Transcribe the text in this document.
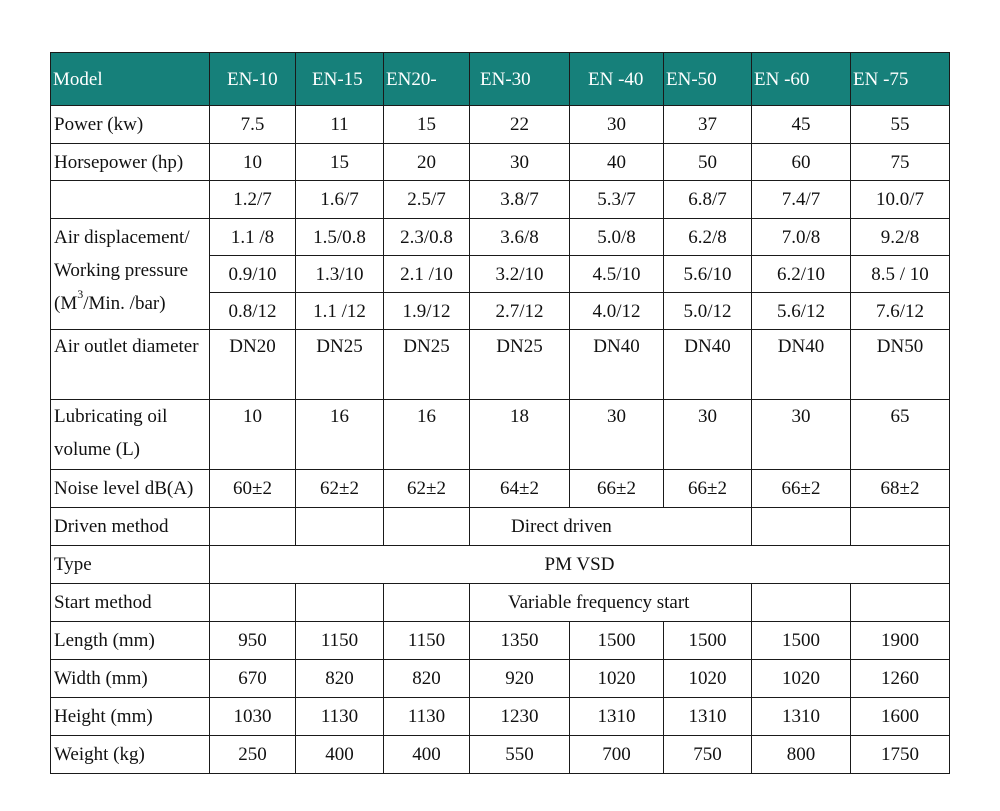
Model	EN-10	EN-15	EN20-	EN-30	EN -40	EN-50	EN -60	EN -75
Power (kw)	7.5	11	15	22	30	37	45	55
Horsepower (hp)	10	15	20	30	40	50	60	75
	1.2/7	1.6/7	2.5/7	3.8/7	5.3/7	6.8/7	7.4/7	10.0/7

Air displacement/
Working pressure
($M^3$/Min. /bar)	1.1 /8	1.5/0.8	2.3/0.8	3.6/8	5.0/8	6.2/8	7.0/8	9.2/8
	0.9/10	1.3/10	2.1 /10	3.2/10	4.5/10	5.6/10	6.2/10	8.5 / 10
	0.8/12	1.1 /12	1.9/12	2.7/12	4.0/12	5.0/12	5.6/12	7.6/12
Air outlet diameter	DN20	DN25	DN25	DN25	DN40	DN40	DN40	DN50
Lubricating oil volume (L)	10	16	16	18	30	30	30	65
Noise level dB(A)	60±2	62±2	62±2	64±2	66±2	66±2	66±2	68±2
Driven method				Direct driven				
Type	PM VSD							
Start method				Variable frequency start				
Length (mm)	950	1150	1150	1350	1500	1500	1500	1900
Width (mm)	670	820	820	920	1020	1020	1020	1260
Height (mm)	1030	1130	1130	1230	1310	1310	1310	1600
Weight (kg)	250	400	400	550	700	750	800	1750
